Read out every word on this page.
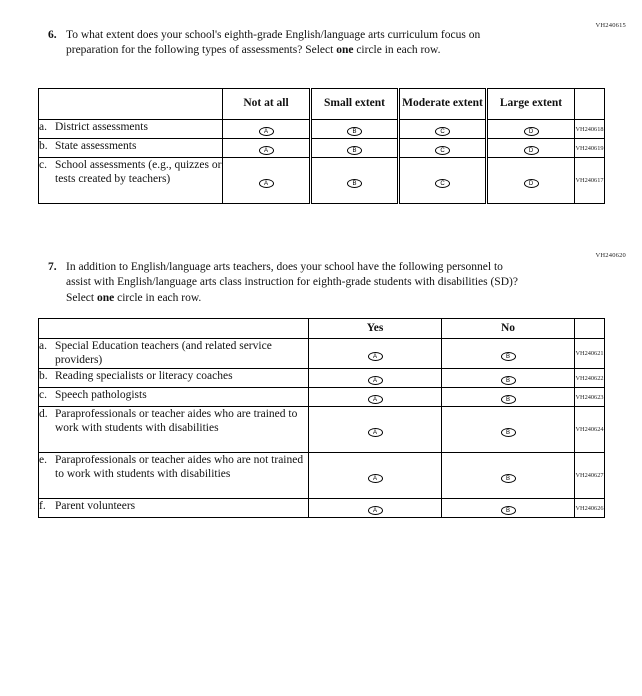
VH240615
6. To what extent does your school's eighth-grade English/language arts curriculum focus on preparation for the following types of assessments? Select one circle in each row.
	Not at all	Small extent	Moderate extent	Large extent	

a. District assessments	A	B	C	D	VH240618

b. State assessments	A	B	C	D	VH240619

c. School assessments (e.g., quizzes or tests created by teachers)	A	B	C	D	VH240617
VH240620
7. In addition to English/language arts teachers, does your school have the following personnel to assist with English/language arts class instruction for eighth-grade students with disabilities (SD)? Select one circle in each row.
	Yes	No	

a. Special Education teachers (and related service providers)	A	B	VH240621

b. Reading specialists or literacy coaches	A	B	VH240622

c. Speech pathologists	A	B	VH240623

d. Paraprofessionals or teacher aides who are trained to work with students with disabilities	A	B	VH240624

e. Paraprofessionals or teacher aides who are not trained to work with students with disabilities	A	B	VH240627

f. Parent volunteers	A	B	VH240626
